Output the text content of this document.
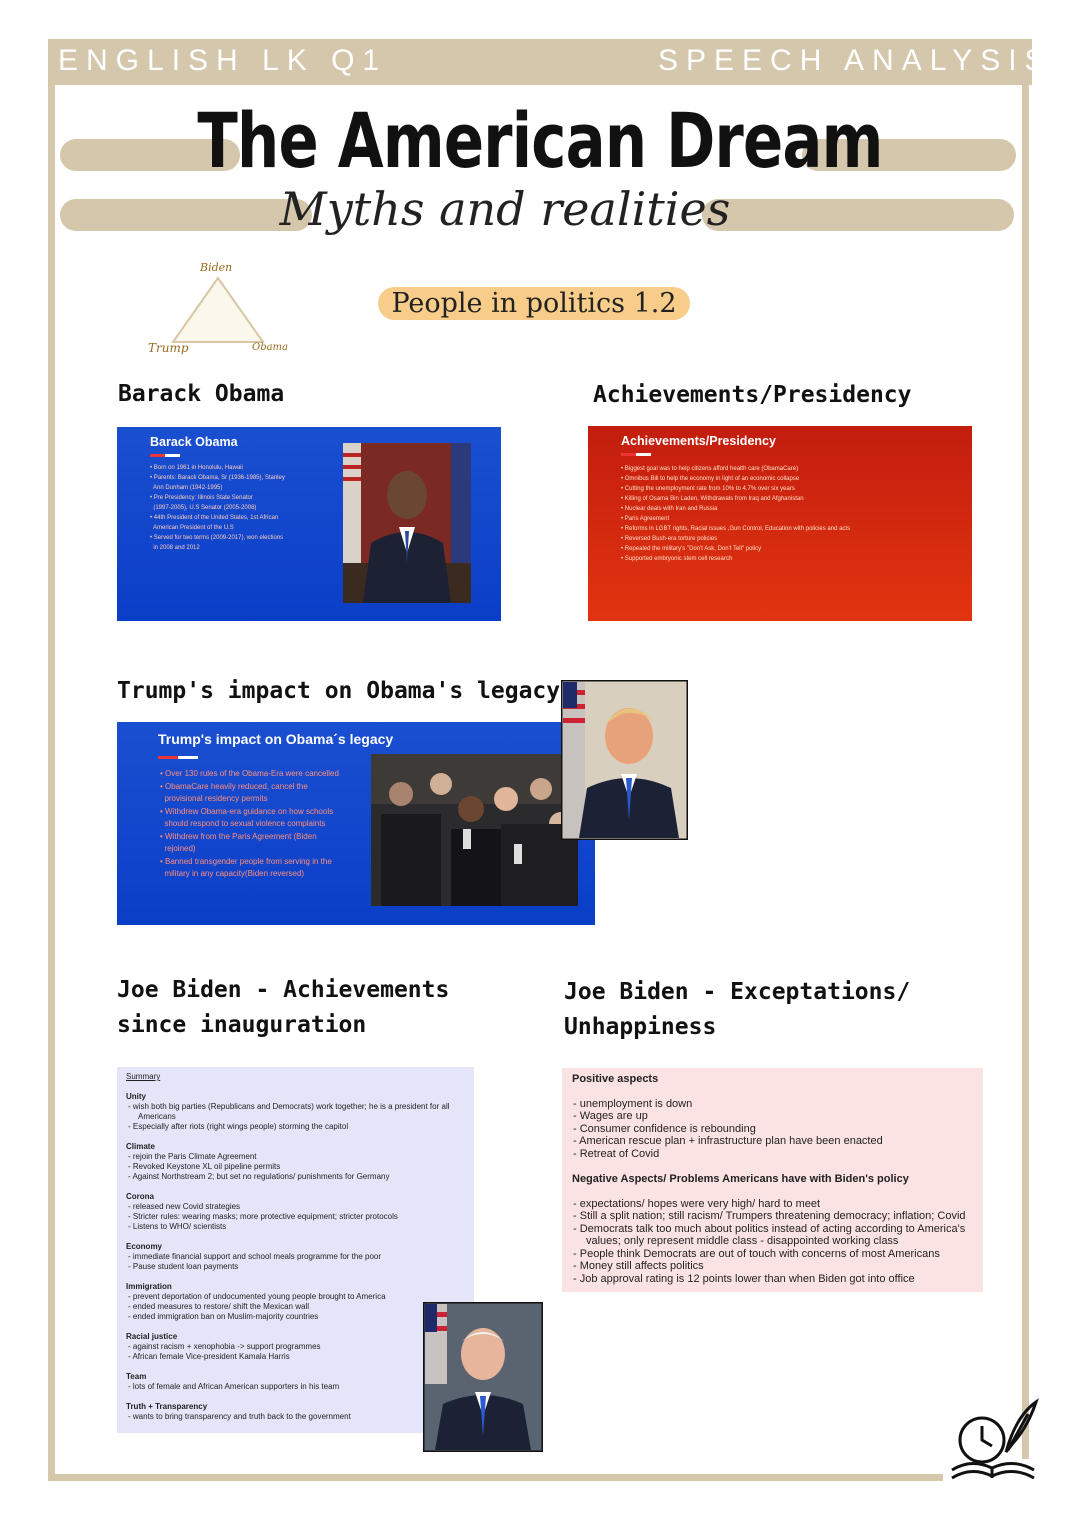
ENGLISH LK Q1	SPEECH ANALYSIS
The American Dream
Myths and realities
Biden
Trump	Obama
People in politics 1.2
Barack Obama
Barack Obama
• Born on 1961 in Honolulu, Hawaii
• Parents: Barack Obama, Sr (1936-1985), Stanley
Ann Dunham (1942-1995)
• Pre Presidency: Illinois State Senator
(1997-2005), U.S Senator (2005-2008)
• 44th President of the United States, 1st African
American President of the U.S
• Served for two terms (2009-2017), won elections
in 2008 and 2012
Achievements/Presidency
Achievements/Presidency
• Biggest goal was to help citizens afford health care (ObamaCare)
• Omnibus Bill to help the economy in light of an economic collapse
• Cutting the unemployment rate from 10% to 4.7% over six years
• Killing of Osama Bin Laden, Withdrawals from Iraq and Afghanistan
• Nuclear deals with Iran and Russia
• Paris Agreement
• Reforms in LGBT rights, Racial issues ,Gun Control, Education with policies and acts
• Reversed Bush-era torture policies
• Repealed the military's "Don't Ask, Don't Tell" policy
• Supported embryonic stem cell research
Trump's impact on Obama's legacy
Trump's impact on Obama´s legacy
• Over 130 rules of the Obama-Era were cancelled
• ObamaCare heavily reduced, cancel the
provisional residency permits
• Withdrew Obama-era guidance on how schools
should respond to sexual violence complaints
• Withdrew from the Paris Agreement (Biden
rejoined)
• Banned transgender people from serving in the
military in any capacity(Biden reversed)
Joe Biden - Achievements
since inauguration
Summary
Unity
- wish both big parties (Republicans and Democrats) work together; he is a president for all Americans
- Especially after riots (right wings people) storming the capitol
Climate
- rejoin the Paris Climate Agreement
- Revoked Keystone XL oil pipeline permits
- Against Northstream 2; but set no regulations/ punishments for Germany
Corona
- released new Covid strategies
- Stricter rules: wearing masks; more protective equipment; stricter protocols
- Listens to WHO/ scientists
Economy
- immediate financial support and school meals programme for the poor
- Pause student loan payments
Immigration
- prevent deportation of undocumented young people brought to America
- ended measures to restore/ shift the Mexican wall
- ended immigration ban on Muslim-majority countries
Racial justice
- against racism + xenophobia -> support programmes
- African female Vice-president Kamala Harris
Team
- lots of female and African American supporters in his team
Truth + Transparency
- wants to bring transparency and truth back to the government
Joe Biden - Exceptations/
Unhappiness
Positive aspects
- unemployment is down
- Wages are up
- Consumer confidence is rebounding
- American rescue plan + infrastructure plan have been enacted
- Retreat of Covid
Negative Aspects/ Problems Americans have with Biden's policy
- expectations/ hopes were very high/ hard to meet
- Still a split nation; still racism/ Trumpers threatening democracy; inflation; Covid
- Democrats talk too much about politics instead of acting according to America's values; only represent middle class - disappointed working class
- People think Democrats are out of touch with concerns of most Americans
- Money still affects politics
- Job approval rating is 12 points lower than when Biden got into office
